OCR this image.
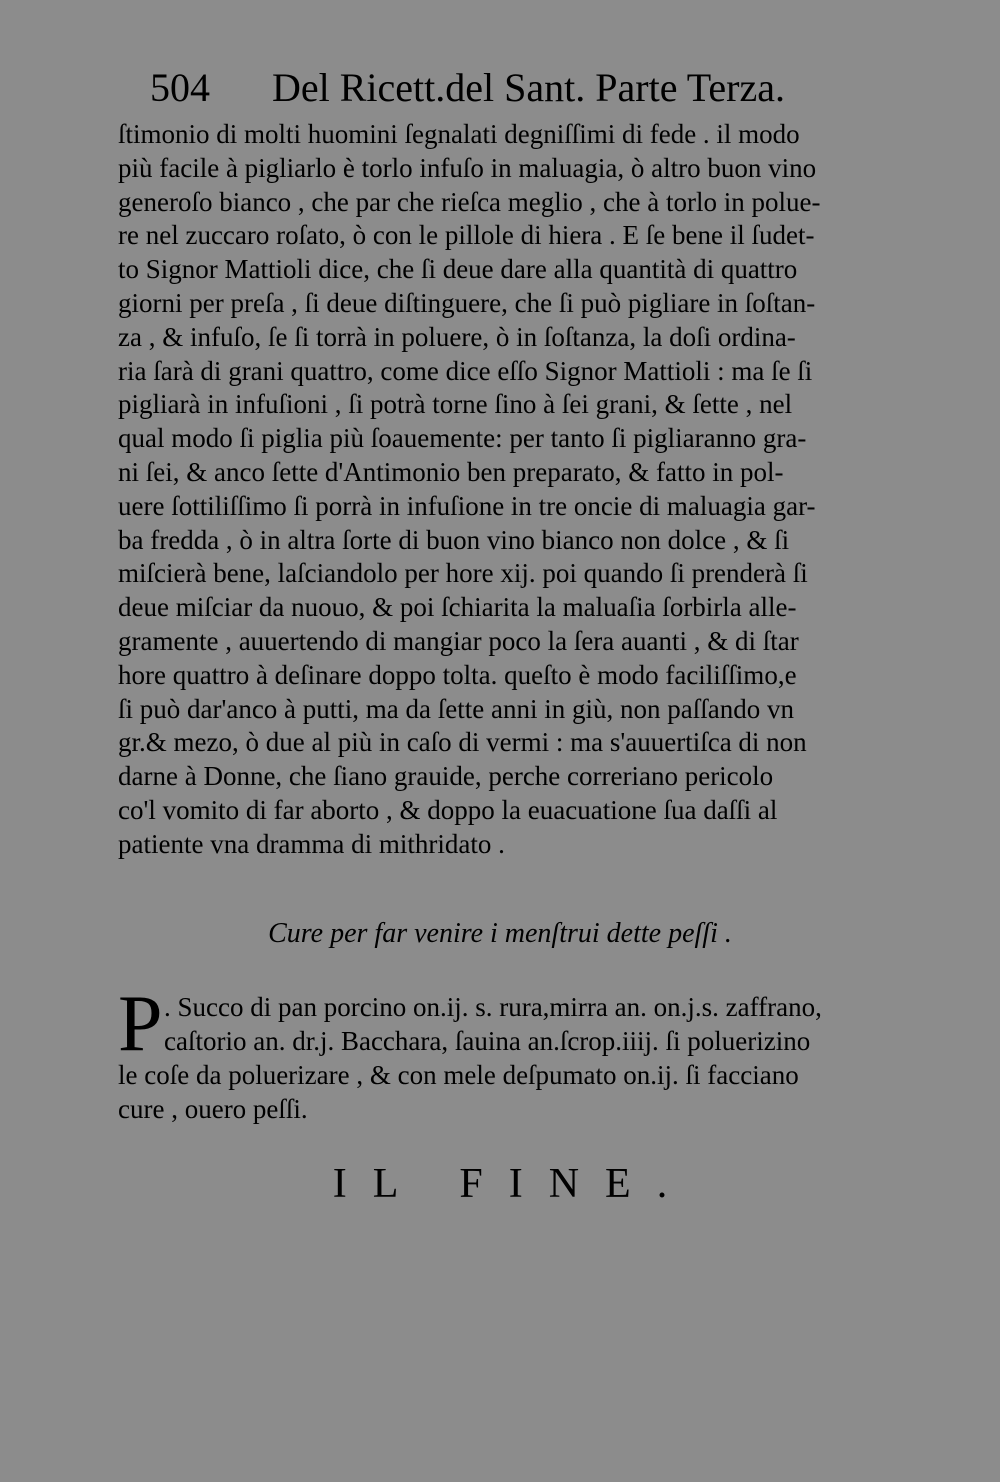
504 Del Ricett.del Sant. Parte Terza.
ſtimonio di molti huomini ſegnalati degniſſimi di fede . il modo
più facile à pigliarlo è torlo infuſo in maluagia, ò altro buon vino
generoſo bianco , che par che rieſca meglio , che à torlo in polue-
re nel zuccaro roſato, ò con le pillole di hiera . E ſe bene il ſudet-
to Signor Mattioli dice, che ſi deue dare alla quantità di quattro
giorni per preſa , ſi deue diſtinguere, che ſi può pigliare in ſoſtan-
za , & infuſo, ſe ſi torrà in poluere, ò in ſoſtanza, la doſi ordina-
ria ſarà di grani quattro, come dice eſſo Signor Mattioli : ma ſe ſi
pigliarà in infuſioni , ſi potrà torne ſino à ſei grani, & ſette , nel
qual modo ſi piglia più ſoauemente: per tanto ſi pigliaranno gra-
ni ſei, & anco ſette d'Antimonio ben preparato, & fatto in pol-
uere ſottiliſſimo ſi porrà in infuſione in tre oncie di maluagia gar-
ba fredda , ò in altra ſorte di buon vino bianco non dolce , & ſi
miſcierà bene, laſciandolo per hore xij. poi quando ſi prenderà ſi
deue miſciar da nuouo, & poi ſchiarita la maluaſia ſorbirla alle-
gramente , auuertendo di mangiar poco la ſera auanti , & di ſtar
hore quattro à deſinare doppo tolta. queſto è modo faciliſſimo,e
ſi può dar'anco à putti, ma da ſette anni in giù, non paſſando vn
gr.& mezo, ò due al più in caſo di vermi : ma s'auuertiſca di non
darne à Donne, che ſiano grauide, perche correriano pericolo
co'l vomito di far aborto , & doppo la euacuatione ſua daſſi al
patiente vna dramma di mithridato .
Cure per far venire i menſtrui dette peſſi .
P . Succo di pan porcino on.ij. s. rura,mirra an. on.j.s. zaffrano,
caſtorio an. dr.j. Bacchara, ſauina an.ſcrop.iiij. ſi poluerizino
le coſe da poluerizare , & con mele deſpumato on.ij. ſi facciano
cure , ouero peſſi.
IL FINE.
